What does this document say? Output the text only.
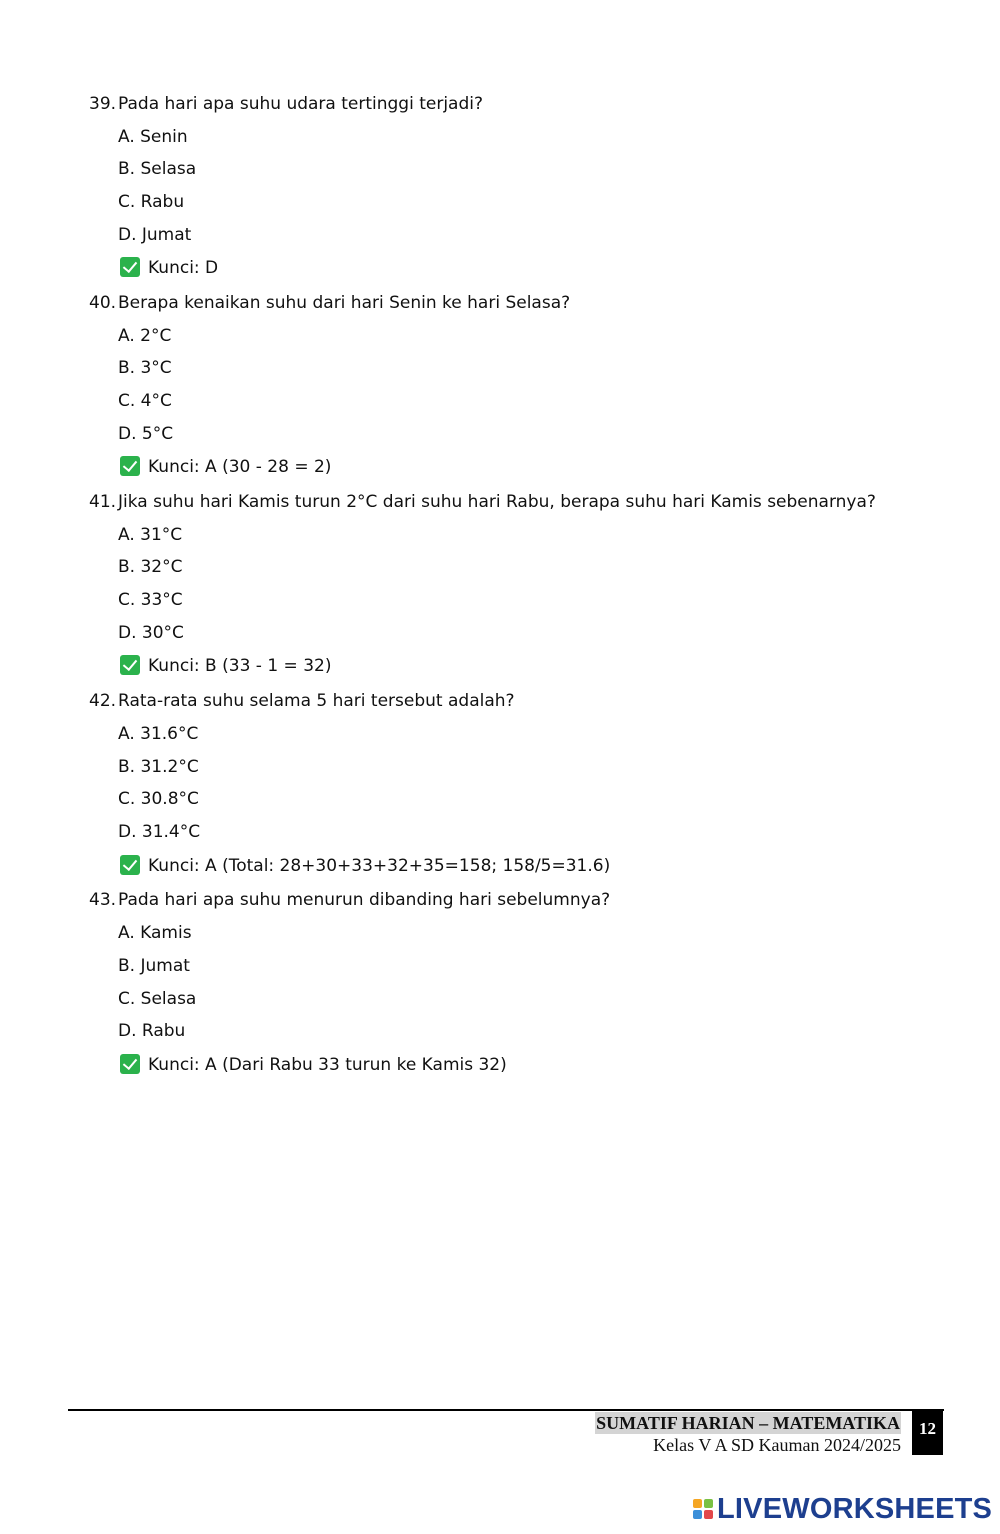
39. Pada hari apa suhu udara tertinggi terjadi?
A. Senin
B. Selasa
C. Rabu
D. Jumat
Kunci: D
40. Berapa kenaikan suhu dari hari Senin ke hari Selasa?
A. 2°C
B. 3°C
C. 4°C
D. 5°C
Kunci: A (30 - 28 = 2)
41. Jika suhu hari Kamis turun 2°C dari suhu hari Rabu, berapa suhu hari Kamis sebenarnya?
A. 31°C
B. 32°C
C. 33°C
D. 30°C
Kunci: B (33 - 1 = 32)
42. Rata-rata suhu selama 5 hari tersebut adalah?
A. 31.6°C
B. 31.2°C
C. 30.8°C
D. 31.4°C
Kunci: A (Total: 28+30+33+32+35=158; 158/5=31.6)
43. Pada hari apa suhu menurun dibanding hari sebelumnya?
A. Kamis
B. Jumat
C. Selasa
D. Rabu
Kunci: A (Dari Rabu 33 turun ke Kamis 32)
SUMATIF HARIAN – MATEMATIKA
Kelas V A SD Kauman 2024/2025
12
LIVEWORKSHEETS
